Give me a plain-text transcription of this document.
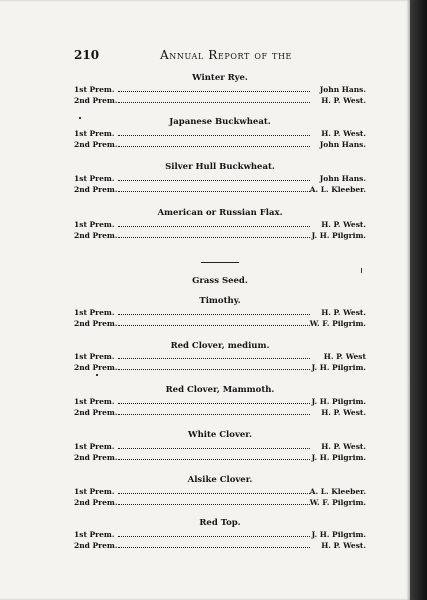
210	Annual Report of the
Winter Rye.
1st Prem.	John Hans.
2nd Prem.	H. P. West.
Japanese Buckwheat.
1st Prem.	H. P. West.
2nd Prem.	John Hans.
Silver Hull Buckwheat.
1st Prem.	John Hans.
2nd Prem.	A. L. Kleeber.
American or Russian Flax.
1st Prem.	H. P. West.
2nd Prem.	J. H. Pilgrim.
Grass Seed.
Timothy.
1st Prem.	H. P. West.
2nd Prem.	W. F. Pilgrim.
Red Clover, medium.
1st Prem.	H. P. West
2nd Prem.	J. H. Pilgrim.
Red Clover, Mammoth.
1st Prem.	J. H. Pilgrim.
2nd Prem.	H. P. West.
White Clover.
1st Prem.	H. P. West.
2nd Prem.	J. H. Pilgrim.
Alsike Clover.
1st Prem.	A. L. Kleeber.
2nd Prem.	W. F. Pilgrim.
Red Top.
1st Prem.	J. H. Pilgrim.
2nd Prem.	H. P. West.
